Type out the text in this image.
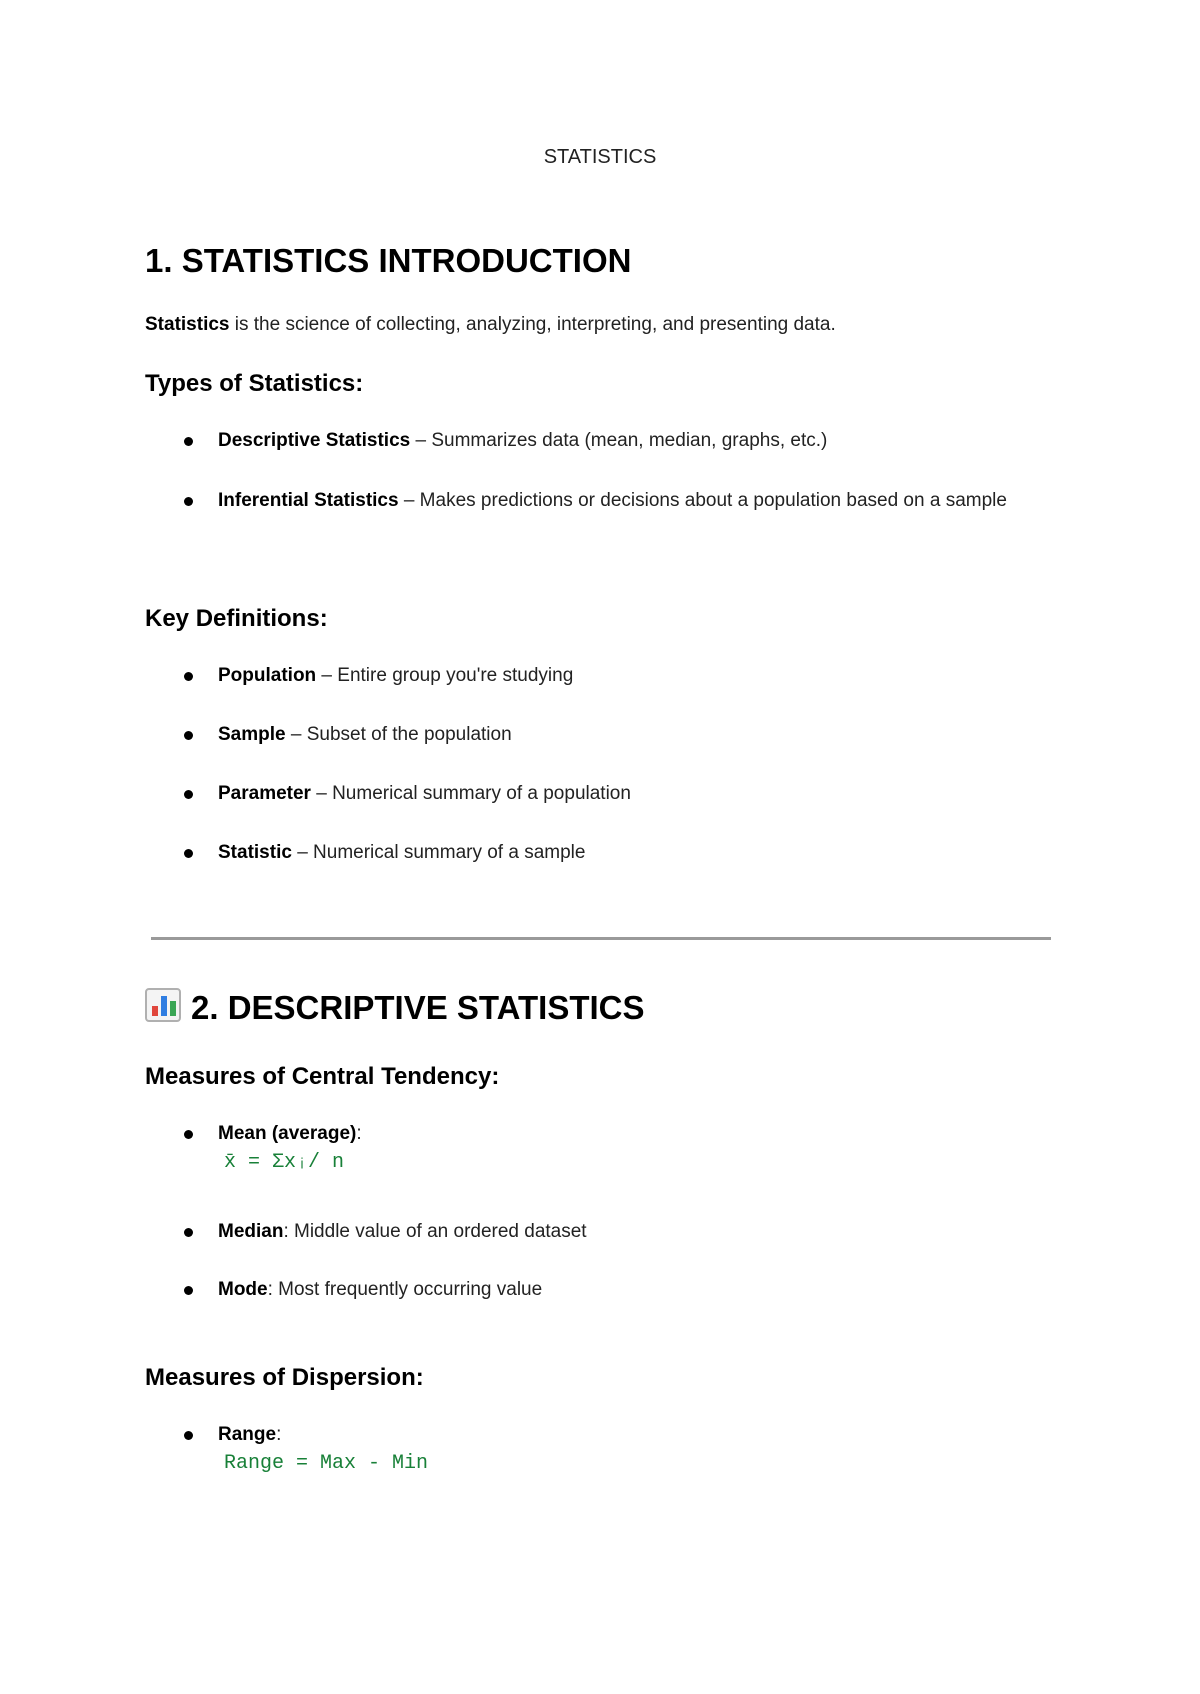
STATISTICS
1. STATISTICS INTRODUCTION

Statistics is the science of collecting, analyzing, interpreting, and presenting data.

Types of Statistics:

Descriptive Statistics – Summarizes data (mean, median, graphs, etc.)

Inferential Statistics – Makes predictions or decisions about a population based on a sample

Key Definitions:

Population – Entire group you're studying

Sample – Subset of the population

Parameter – Numerical summary of a population

Statistic – Numerical summary of a sample

2. DESCRIPTIVE STATISTICS
Measures of Central Tendency:

Mean (average):
x̄ = Σxᵢ/ n

Median: Middle value of an ordered dataset

Mode: Most frequently occurring value

Measures of Dispersion:

Range:
Range = Max - Min
